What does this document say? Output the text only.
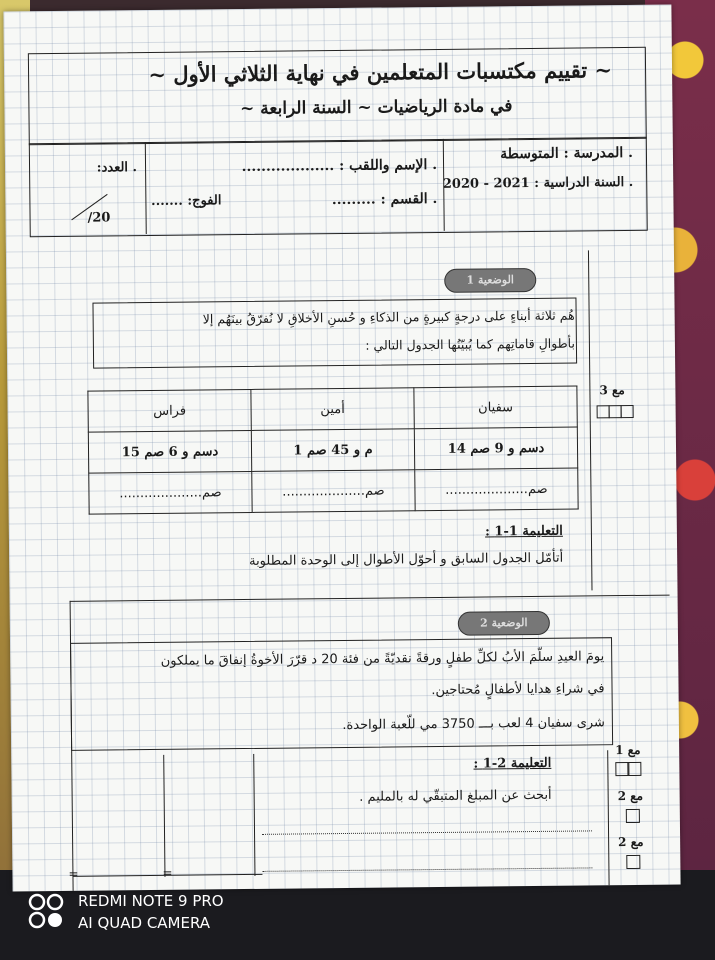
~ تقييم مكتسبات المتعلمين في نهاية الثلاثي الأول ~
في مادة الرياضيات ~ السنة الرابعة ~
. المدرسة : المتوسطة
. السنة الدراسية : 2021 - 2020
. الإسم واللقب : ...................
. القسم : .........
الفوج: .......
. العدد:
/20
الوضعية 1
هُم ثلاثة أبناءٍ على درجةٍ كبيرةٍ من الذكاءِ و حُسنِ الأخلاقِ لا نُفرّقُ بينَهُم إلا
بأطوالِ قاماتِهم كما يُبيّنُها الجدول التالي :
فراس	أمين	سفيان
15 دسم و 6 صم	1 م و 45 صم	14 دسم و 9 صم
....................صم	....................صم	....................صم
مع 3
التعليمة 1-1 :
أتأمّل الجدول السابق و أحوّل الأطوال إلى الوحدة المطلوبة
الوضعية 2
يومَ العيدِ سلّمَ الأبُ لكلِّ طفلٍ ورقةً نقديّةً من فئة 20 د قرّرَ الأخوةُ إنفاقَ ما يملكون
في شراءِ هدايا لأطفالٍ مُحتاجين.
شرى سفيان 4 لعب بـــ 3750 مي للّعبة الواحدة.
التعليمة 2-1 :
أبحث عن المبلغ المتبقّي له بالمليم .
=	=
مع 1
مع 2
مع 2
REDMI NOTE 9 PRO
AI QUAD CAMERA
